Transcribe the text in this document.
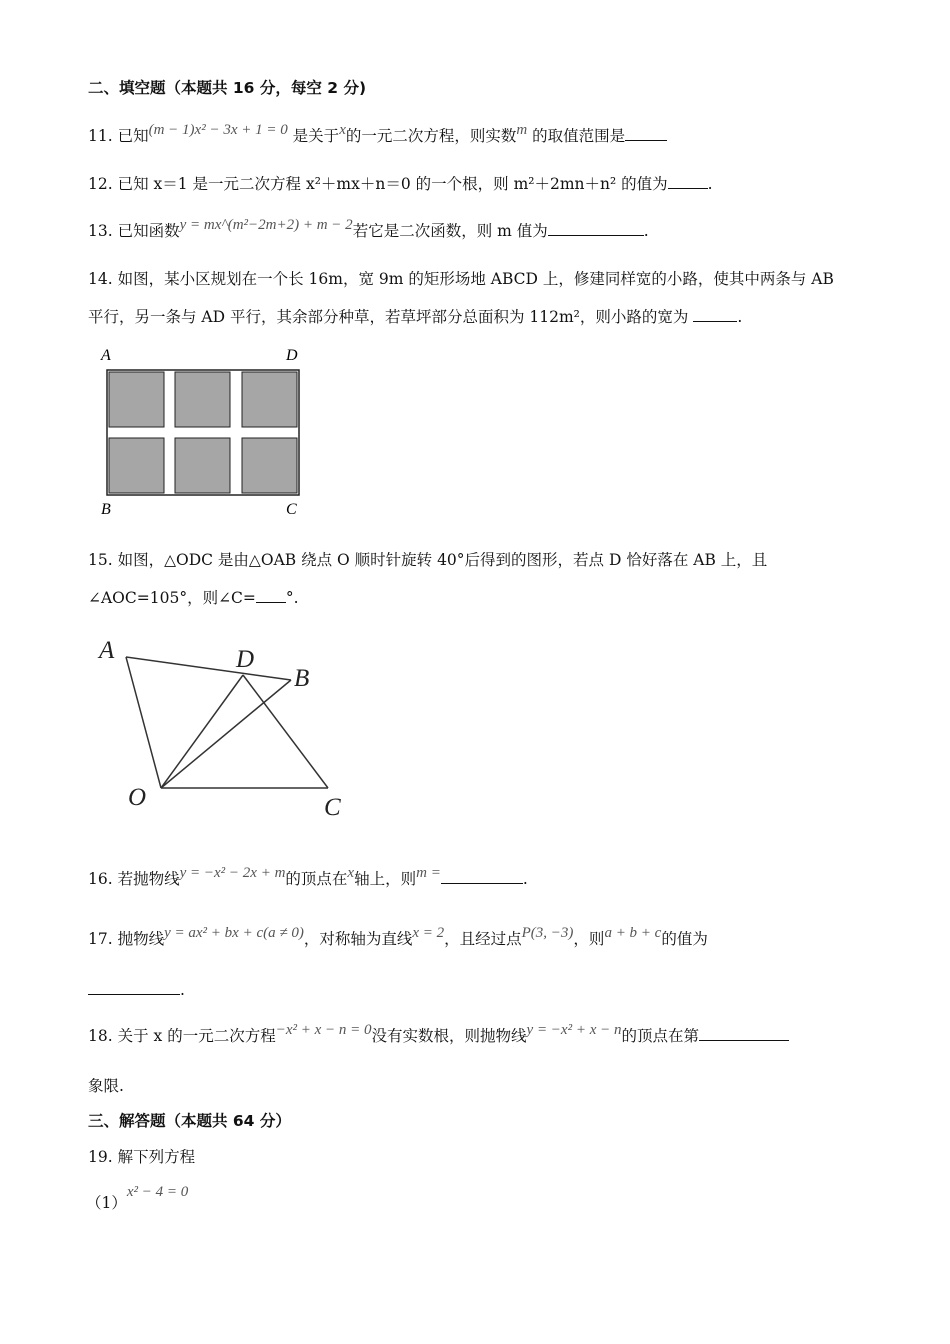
二、填空题（本题共 16 分，每空 2 分)
11. 已知(m − 1)x² − 3x + 1 = 0 是关于x的一元二次方程，则实数m 的取值范围是
12. 已知 x＝1 是一元二次方程 x²＋mx＋n＝0 的一个根，则 m²＋2mn＋n² 的值为	.
13. 已知函数y = mx^(m²−2m+2) + m − 2若它是二次函数，则 m 值为	.
14. 如图，某小区规划在一个长 16m，宽 9m 的矩形场地 ABCD 上，修建同样宽的小路，使其中两条与 AB
平行，另一条与 AD 平行，其余部分种草，若草坪部分总面积为 112m²，则小路的宽为	.
A	D
B	C
15. 如图，△ODC 是由△OAB 绕点 O 顺时针旋转 40°后得到的图形，若点 D 恰好落在 AB 上，且
∠AOC=105°，则∠C= °.
A	D
B
O	C
16. 若抛物线y = −x² − 2x + m的顶点在x轴上，则m =	.
17. 抛物线y = ax² + bx + c(a ≠ 0)，对称轴为直线x = 2，且经过点P(3, −3)，则a + b + c的值为
.
18. 关于 x 的一元二次方程−x² + x − n = 0没有实数根，则抛物线y = −x² + x − n的顶点在第
象限.
三、解答题（本题共 64 分）
19. 解下列方程
（1）x² − 4 = 0
